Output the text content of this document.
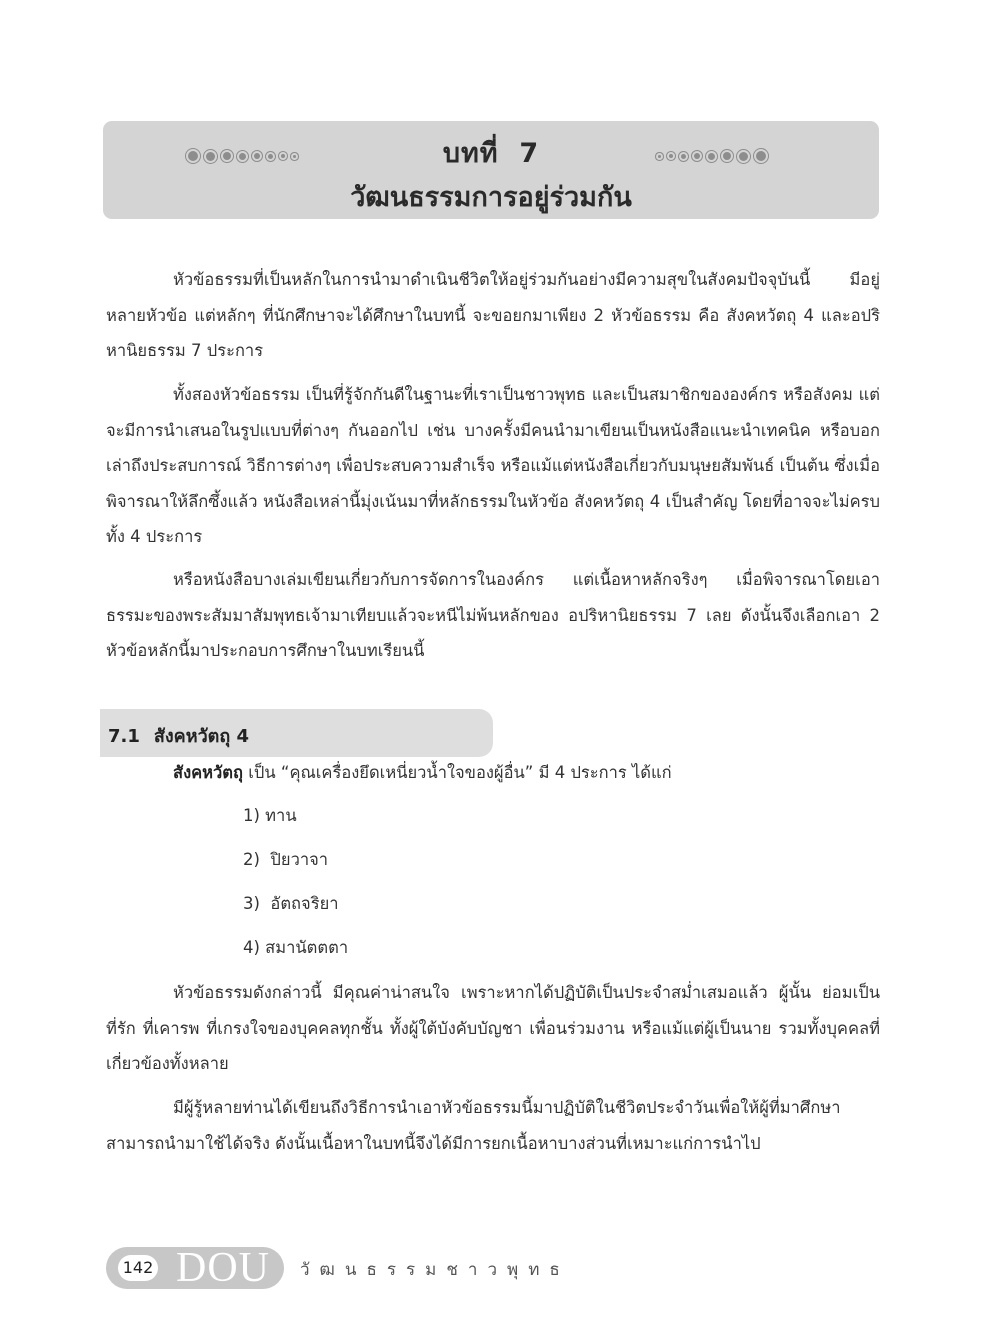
บทที่  7
วัฒนธรรมการอยู่ร่วมกัน

หัวข้อธรรมที่เป็นหลักในการนำมาดำเนินชีวิตให้อยู่ร่วมกันอย่างมีความสุขในสังคมปัจจุบันนี้ มีอยู่หลายหัวข้อ แต่หลักๆ ที่นักศึกษาจะได้ศึกษาในบทนี้ จะขอยกมาเพียง 2 หัวข้อธรรม คือ สังคหวัตถุ 4 และอปริหานิยธรรม 7 ประการ

ทั้งสองหัวข้อธรรม เป็นที่รู้จักกันดีในฐานะที่เราเป็นชาวพุทธ และเป็นสมาชิกขององค์กร หรือสังคม แต่จะมีการนำเสนอในรูปแบบที่ต่างๆ กันออกไป เช่น บางครั้งมีคนนำมาเขียนเป็นหนังสือแนะนำเทคนิค หรือบอกเล่าถึงประสบการณ์ วิธีการต่างๆ เพื่อประสบความสำเร็จ หรือแม้แต่หนังสือเกี่ยวกับมนุษยสัมพันธ์ เป็นต้น ซึ่งเมื่อพิจารณาให้ลึกซึ้งแล้ว หนังสือเหล่านี้มุ่งเน้นมาที่หลักธรรมในหัวข้อ สังคหวัตถุ 4 เป็นสำคัญ โดยที่อาจจะไม่ครบทั้ง 4 ประการ

หรือหนังสือบางเล่มเขียนเกี่ยวกับการจัดการในองค์กร แต่เนื้อหาหลักจริงๆ เมื่อพิจารณาโดยเอาธรรมะของพระสัมมาสัมพุทธเจ้ามาเทียบแล้วจะหนีไม่พ้นหลักของ อปริหานิยธรรม 7 เลย ดังนั้นจึงเลือกเอา 2 หัวข้อหลักนี้มาประกอบการศึกษาในบทเรียนนี้

7.1 สังคหวัตถุ 4
สังคหวัตถุ เป็น “คุณเครื่องยึดเหนี่ยวน้ำใจของผู้อื่น” มี 4 ประการ ได้แก่
1) ทาน
2)  ปิยวาจา
3)  อัตถจริยา
4) สมานัตตตา

หัวข้อธรรมดังกล่าวนี้ มีคุณค่าน่าสนใจ เพราะหากได้ปฏิบัติเป็นประจำสม่ำเสมอแล้ว ผู้นั้น ย่อมเป็นที่รัก ที่เคารพ ที่เกรงใจของบุคคลทุกชั้น ทั้งผู้ใต้บังคับบัญชา เพื่อนร่วมงาน หรือแม้แต่ผู้เป็นนาย รวมทั้งบุคคลที่เกี่ยวข้องทั้งหลาย

มีผู้รู้หลายท่านได้เขียนถึงวิธีการนำเอาหัวข้อธรรมนี้มาปฏิบัติในชีวิตประจำวันเพื่อให้ผู้ที่มาศึกษาสามารถนำมาใช้ได้จริง ดังนั้นเนื้อหาในบทนี้จึงได้มีการยกเนื้อหาบางส่วนที่เหมาะแก่การนำไป

142 DOU วัฒนธรรมชาวพุทธ
